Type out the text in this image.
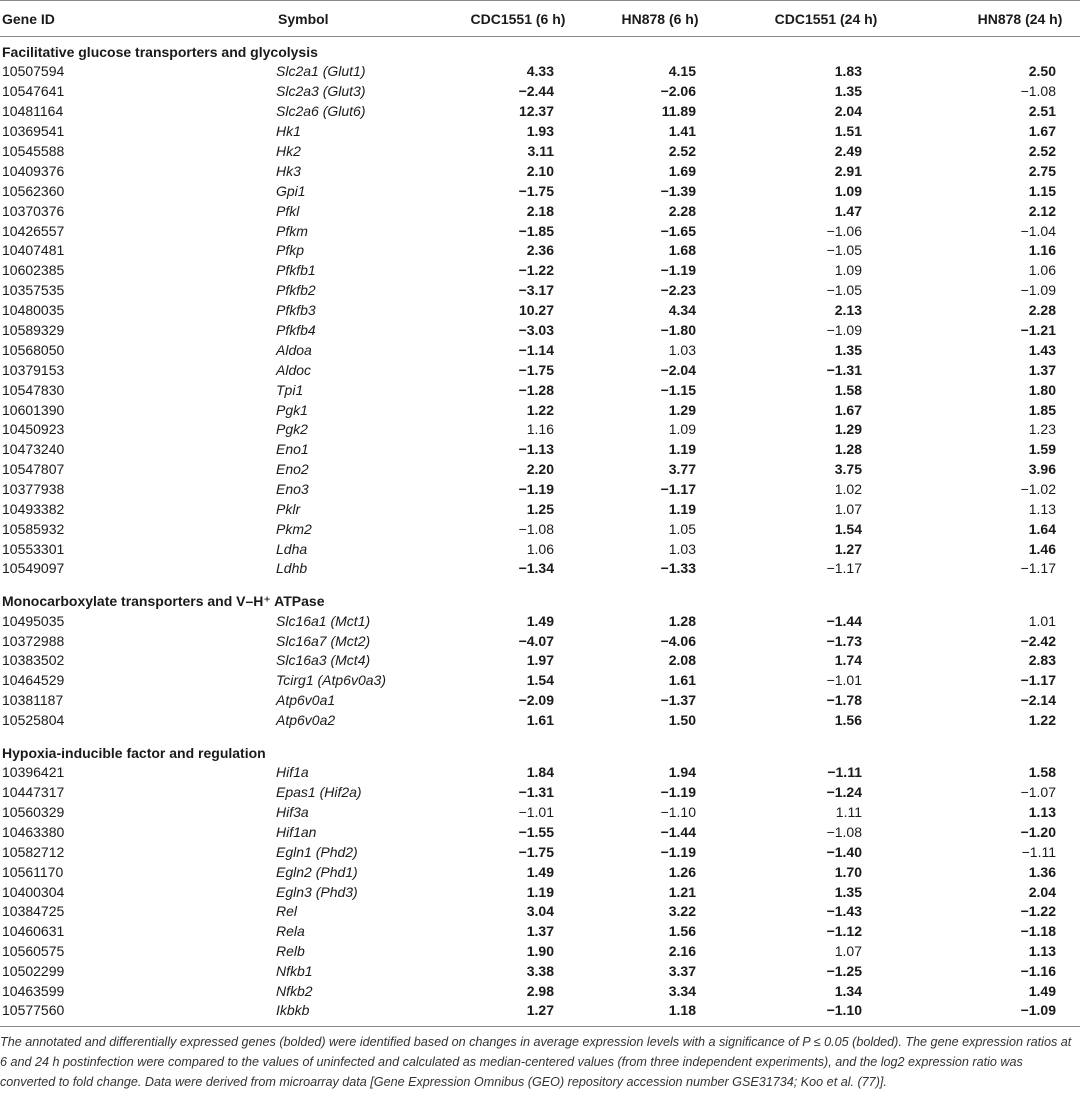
Gene ID	Symbol	CDC1551 (6 h)	HN878 (6 h)	CDC1551 (24 h)	HN878 (24 h)
Facilitative glucose transporters and glycolysis					
10507594	Slc2a1 (Glut1)	4.33	4.15	1.83	2.50
10547641	Slc2a3 (Glut3)	−2.44	−2.06	1.35	−1.08
10481164	Slc2a6 (Glut6)	12.37	11.89	2.04	2.51
10369541	Hk1	1.93	1.41	1.51	1.67
10545588	Hk2	3.11	2.52	2.49	2.52
10409376	Hk3	2.10	1.69	2.91	2.75
10562360	Gpi1	−1.75	−1.39	1.09	1.15
10370376	Pfkl	2.18	2.28	1.47	2.12
10426557	Pfkm	−1.85	−1.65	−1.06	−1.04
10407481	Pfkp	2.36	1.68	−1.05	1.16
10602385	Pfkfb1	−1.22	−1.19	1.09	1.06
10357535	Pfkfb2	−3.17	−2.23	−1.05	−1.09
10480035	Pfkfb3	10.27	4.34	2.13	2.28
10589329	Pfkfb4	−3.03	−1.80	−1.09	−1.21
10568050	Aldoa	−1.14	1.03	1.35	1.43
10379153	Aldoc	−1.75	−2.04	−1.31	1.37
10547830	Tpi1	−1.28	−1.15	1.58	1.80
10601390	Pgk1	1.22	1.29	1.67	1.85
10450923	Pgk2	1.16	1.09	1.29	1.23
10473240	Eno1	−1.13	1.19	1.28	1.59
10547807	Eno2	2.20	3.77	3.75	3.96
10377938	Eno3	−1.19	−1.17	1.02	−1.02
10493382	Pklr	1.25	1.19	1.07	1.13
10585932	Pkm2	−1.08	1.05	1.54	1.64
10553301	Ldha	1.06	1.03	1.27	1.46
10549097	Ldhb	−1.34	−1.33	−1.17	−1.17
Monocarboxylate transporters and V–H⁺ ATPase					
10495035	Slc16a1 (Mct1)	1.49	1.28	−1.44	1.01
10372988	Slc16a7 (Mct2)	−4.07	−4.06	−1.73	−2.42
10383502	Slc16a3 (Mct4)	1.97	2.08	1.74	2.83
10464529	Tcirg1 (Atp6v0a3)	1.54	1.61	−1.01	−1.17
10381187	Atp6v0a1	−2.09	−1.37	−1.78	−2.14
10525804	Atp6v0a2	1.61	1.50	1.56	1.22
Hypoxia-inducible factor and regulation					
10396421	Hif1a	1.84	1.94	−1.11	1.58
10447317	Epas1 (Hif2a)	−1.31	−1.19	−1.24	−1.07
10560329	Hif3a	−1.01	−1.10	1.11	1.13
10463380	Hif1an	−1.55	−1.44	−1.08	−1.20
10582712	Egln1 (Phd2)	−1.75	−1.19	−1.40	−1.11
10561170	Egln2 (Phd1)	1.49	1.26	1.70	1.36
10400304	Egln3 (Phd3)	1.19	1.21	1.35	2.04
10384725	Rel	3.04	3.22	−1.43	−1.22
10460631	Rela	1.37	1.56	−1.12	−1.18
10560575	Relb	1.90	2.16	1.07	1.13
10502299	Nfkb1	3.38	3.37	−1.25	−1.16
10463599	Nfkb2	2.98	3.34	1.34	1.49
10577560	Ikbkb	1.27	1.18	−1.10	−1.09
The annotated and differentially expressed genes (bolded) were identified based on changes in average expression levels with a significance of P ≤ 0.05 (bolded). The gene expression ratios at 6 and 24 h postinfection were compared to the values of uninfected and calculated as median-centered values (from three independent experiments), and the log2 expression ratio was converted to fold change. Data were derived from microarray data [Gene Expression Omnibus (GEO) repository accession number GSE31734; Koo et al. (77)].
